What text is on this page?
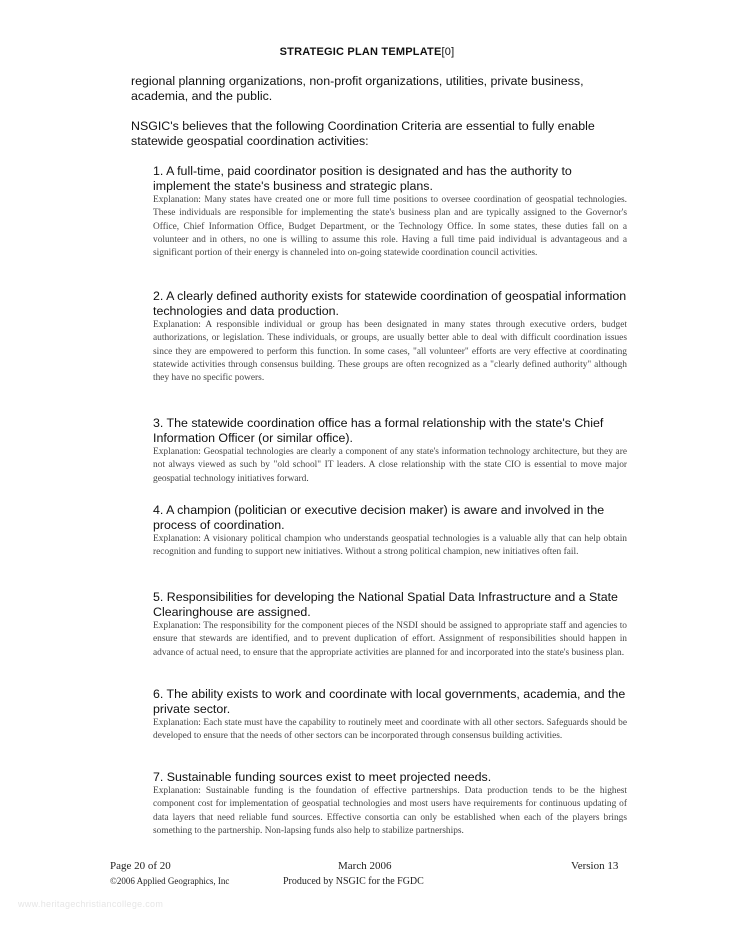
STRATEGIC PLAN TEMPLATE[0]

regional planning organizations, non-profit organizations, utilities, private business, academia, and the public.

NSGIC's believes that the following Coordination Criteria are essential to fully enable statewide geospatial coordination activities:

1. A full-time, paid coordinator position is designated and has the authority to implement the state's business and strategic plans.

Explanation: Many states have created one or more full time positions to oversee coordination of geospatial technologies. These individuals are responsible for implementing the state's business plan and are typically assigned to the Governor's Office, Chief Information Office, Budget Department, or the Technology Office. In some states, these duties fall on a volunteer and in others, no one is willing to assume this role. Having a full time paid individual is advantageous and a significant portion of their energy is channeled into on-going statewide coordination council activities.

2. A clearly defined authority exists for statewide coordination of geospatial information technologies and data production.

Explanation: A responsible individual or group has been designated in many states through executive orders, budget authorizations, or legislation. These individuals, or groups, are usually better able to deal with difficult coordination issues since they are empowered to perform this function. In some cases, "all volunteer" efforts are very effective at coordinating statewide activities through consensus building. These groups are often recognized as a "clearly defined authority" although they have no specific powers.

3. The statewide coordination office has a formal relationship with the state's Chief Information Officer (or similar office).

Explanation: Geospatial technologies are clearly a component of any state's information technology architecture, but they are not always viewed as such by "old school" IT leaders. A close relationship with the state CIO is essential to move major geospatial technology initiatives forward.

4. A champion (politician or executive decision maker) is aware and involved in the process of coordination.

Explanation: A visionary political champion who understands geospatial technologies is a valuable ally that can help obtain recognition and funding to support new initiatives. Without a strong political champion, new initiatives often fail.

5. Responsibilities for developing the National Spatial Data Infrastructure and a State Clearinghouse are assigned.

Explanation: The responsibility for the component pieces of the NSDI should be assigned to appropriate staff and agencies to ensure that stewards are identified, and to prevent duplication of effort. Assignment of responsibilities should happen in advance of actual need, to ensure that the appropriate activities are planned for and incorporated into the state's business plan.

6. The ability exists to work and coordinate with local governments, academia, and the private sector.

Explanation: Each state must have the capability to routinely meet and coordinate with all other sectors. Safeguards should be developed to ensure that the needs of other sectors can be incorporated through consensus building activities.

7. Sustainable funding sources exist to meet projected needs.

Explanation: Sustainable funding is the foundation of effective partnerships. Data production tends to be the highest component cost for implementation of geospatial technologies and most users have requirements for continuous updating of data layers that need reliable fund sources. Effective consortia can only be established when each of the players brings something to the partnership. Non-lapsing funds also help to stabilize partnerships.

Page 20 of 20	March 2006	Version 13
©2006 Applied Geographics, Inc	Produced by NSGIC for the FGDC
www.heritagechristiancollege.com
